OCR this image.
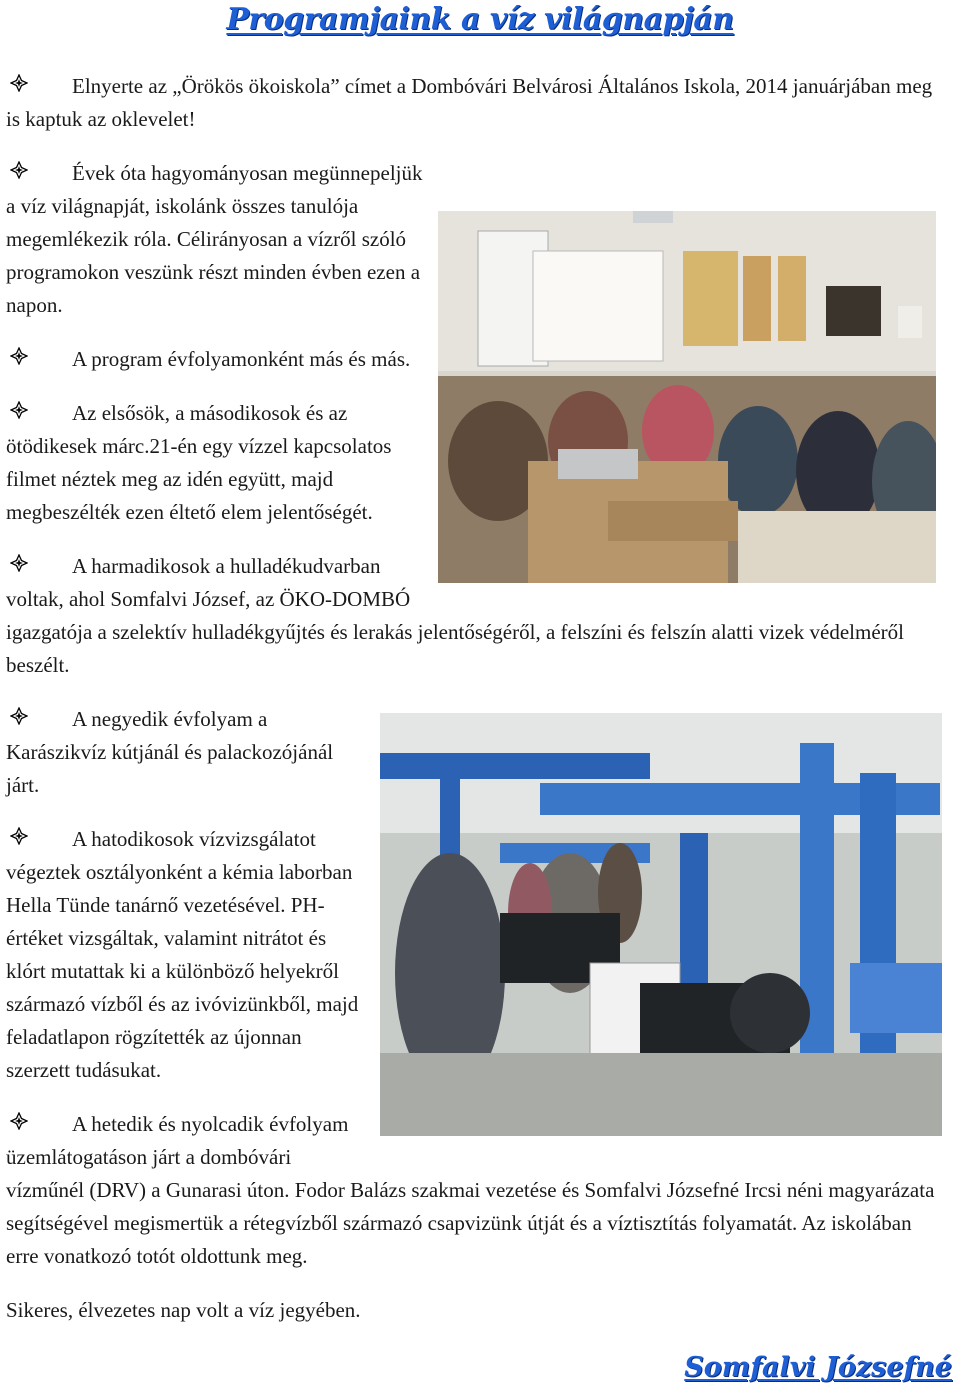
Programjaink a víz világnapján

Elnyerte az „Örökös ökoiskola” címet a Dombóvári Belvárosi Általános Iskola, 2014 januárjában meg is kaptuk az oklevelet!

Évek óta hagyományosan megünnepeljük a víz világnapját, iskolánk összes tanulója megemlékezik róla. Célirányosan a vízről szóló programokon veszünk részt minden évben ezen a napon.

A program évfolyamonként más és más.

Az elsősök, a másodikosok és az ötödikesek márc.21-én egy vízzel kapcsolatos filmet néztek meg az idén együtt, majd megbeszélték ezen éltető elem jelentőségét.

A harmadikosok a hulladékudvarban voltak, ahol Somfalvi József, az ÖKO-DOMBÓ igazgatója a szelektív hulladékgyűjtés és lerakás jelentőségéről, a felszíni és felszín alatti vizek védelméről beszélt.

A negyedik évfolyam a Karászikvíz kútjánál és palackozójánál járt.

A hatodikosok vízvizsgálatot végeztek osztályonként a kémia laborban Hella Tünde tanárnő vezetésével. PH-értéket vizsgáltak, valamint nitrátot és klórt mutattak ki a különböző helyekről származó vízből és az ivóvizünkből, majd feladatlapon rögzítették az újonnan szerzett tudásukat.

A hetedik és nyolcadik évfolyam üzemlátogatáson járt a dombóvári vízműnél (DRV) a Gunarasi úton. Fodor Balázs szakmai vezetése és Somfalvi Józsefné Ircsi néni magyarázata segítségével megismertük a rétegvízből származó csapvizünk útját és a víztisztítás folyamatát. Az iskolában erre vonatkozó totót oldottunk meg.

Sikeres, élvezetes nap volt a víz jegyében.

Somfalvi Józsefné
